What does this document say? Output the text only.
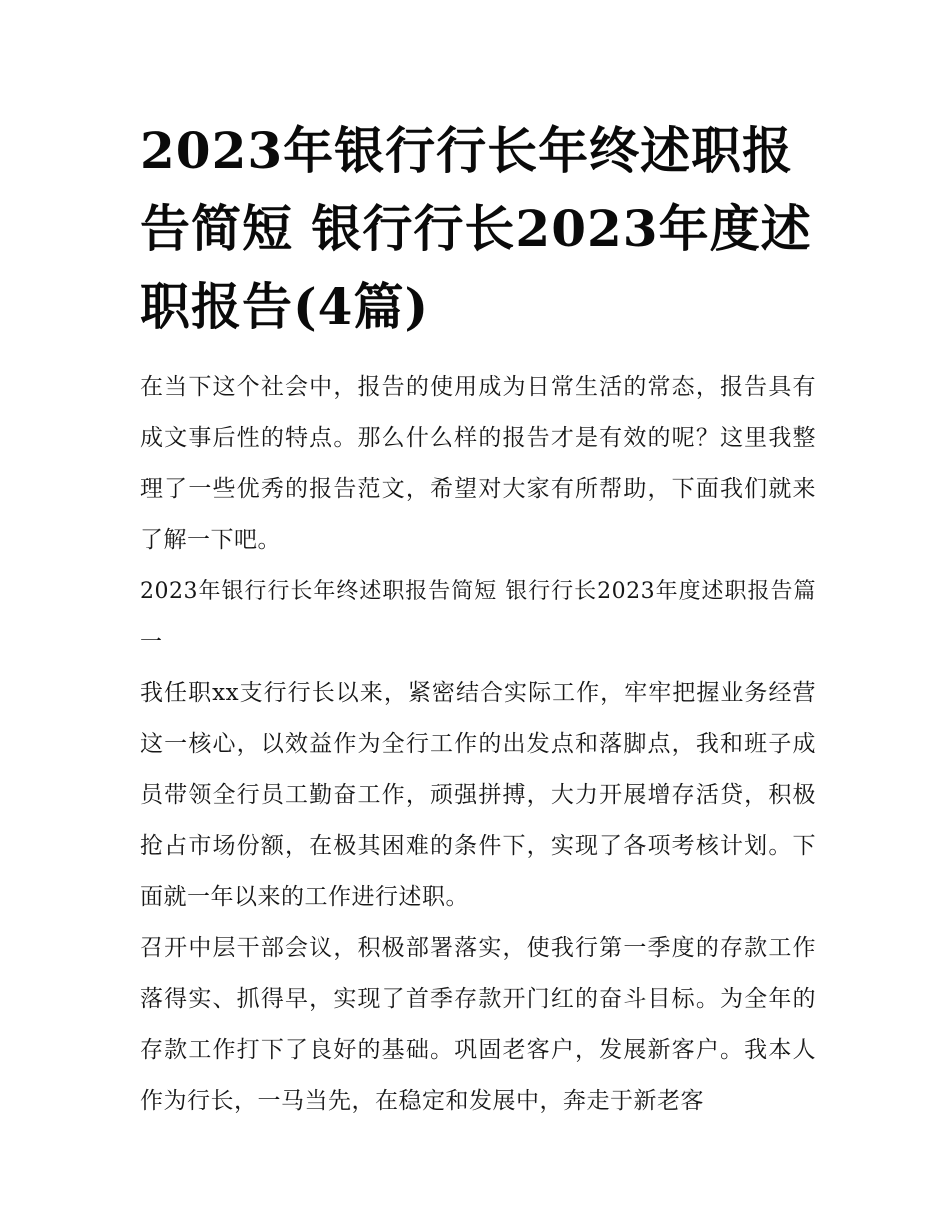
2023年银行行长年终述职报告简短 银行行长2023年度述职报告(4篇)

在当下这个社会中，报告的使用成为日常生活的常态，报告具有成文事后性的特点。那么什么样的报告才是有效的呢？这里我整理了一些优秀的报告范文，希望对大家有所帮助，下面我们就来了解一下吧。

2023年银行行长年终述职报告简短 银行行长2023年度述职报告篇一

我任职xx支行行长以来，紧密结合实际工作，牢牢把握业务经营这一核心，以效益作为全行工作的出发点和落脚点，我和班子成员带领全行员工勤奋工作，顽强拼搏，大力开展增存活贷，积极抢占市场份额，在极其困难的条件下，实现了各项考核计划。下面就一年以来的工作进行述职。

召开中层干部会议，积极部署落实，使我行第一季度的存款工作落得实、抓得早，实现了首季存款开门红的奋斗目标。为全年的存款工作打下了良好的基础。巩固老客户，发展新客户。我本人作为行长，一马当先，在稳定和发展中，奔走于新老客
